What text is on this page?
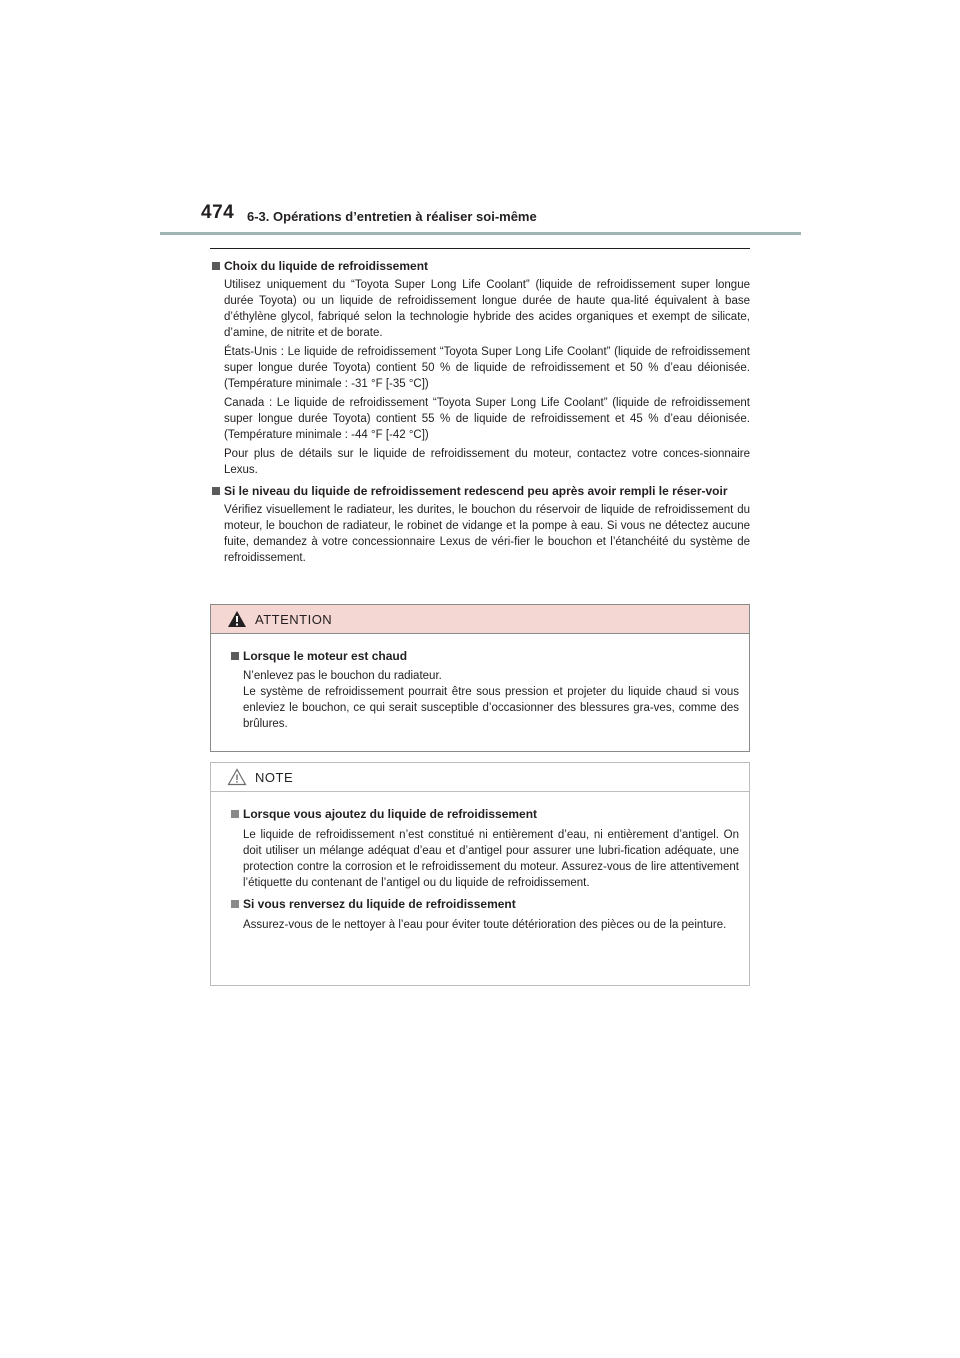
474 6-3. Opérations d’entretien à réaliser soi-même
Choix du liquide de refroidissement

Utilisez uniquement du “Toyota Super Long Life Coolant” (liquide de refroidissement super longue durée Toyota) ou un liquide de refroidissement longue durée de haute qua-lité équivalent à base d’éthylène glycol, fabriqué selon la technologie hybride des acides organiques et exempt de silicate, d’amine, de nitrite et de borate.

États-Unis : Le liquide de refroidissement “Toyota Super Long Life Coolant” (liquide de refroidissement super longue durée Toyota) contient 50 % de liquide de refroidissement et 50 % d’eau déionisée. (Température minimale : -31 °F [-35 °C])

Canada : Le liquide de refroidissement “Toyota Super Long Life Coolant” (liquide de refroidissement super longue durée Toyota) contient 55 % de liquide de refroidissement et 45 % d’eau déionisée. (Température minimale : -44 °F [-42 °C])

Pour plus de détails sur le liquide de refroidissement du moteur, contactez votre conces-sionnaire Lexus.

Si le niveau du liquide de refroidissement redescend peu après avoir rempli le réser-voir

Vérifiez visuellement le radiateur, les durites, le bouchon du réservoir de liquide de refroidissement du moteur, le bouchon de radiateur, le robinet de vidange et la pompe à eau. Si vous ne détectez aucune fuite, demandez à votre concessionnaire Lexus de véri-fier le bouchon et l’étanchéité du système de refroidissement.

ATTENTION
Lorsque le moteur est chaud

N’enlevez pas le bouchon du radiateur.

Le système de refroidissement pourrait être sous pression et projeter du liquide chaud si vous enleviez le bouchon, ce qui serait susceptible d’occasionner des blessures gra-ves, comme des brûlures.

NOTE
Lorsque vous ajoutez du liquide de refroidissement

Le liquide de refroidissement n’est constitué ni entièrement d’eau, ni entièrement d’antigel. On doit utiliser un mélange adéquat d’eau et d’antigel pour assurer une lubri-fication adéquate, une protection contre la corrosion et le refroidissement du moteur. Assurez-vous de lire attentivement l’étiquette du contenant de l’antigel ou du liquide de refroidissement.

Si vous renversez du liquide de refroidissement

Assurez-vous de le nettoyer à l’eau pour éviter toute détérioration des pièces ou de la peinture.
